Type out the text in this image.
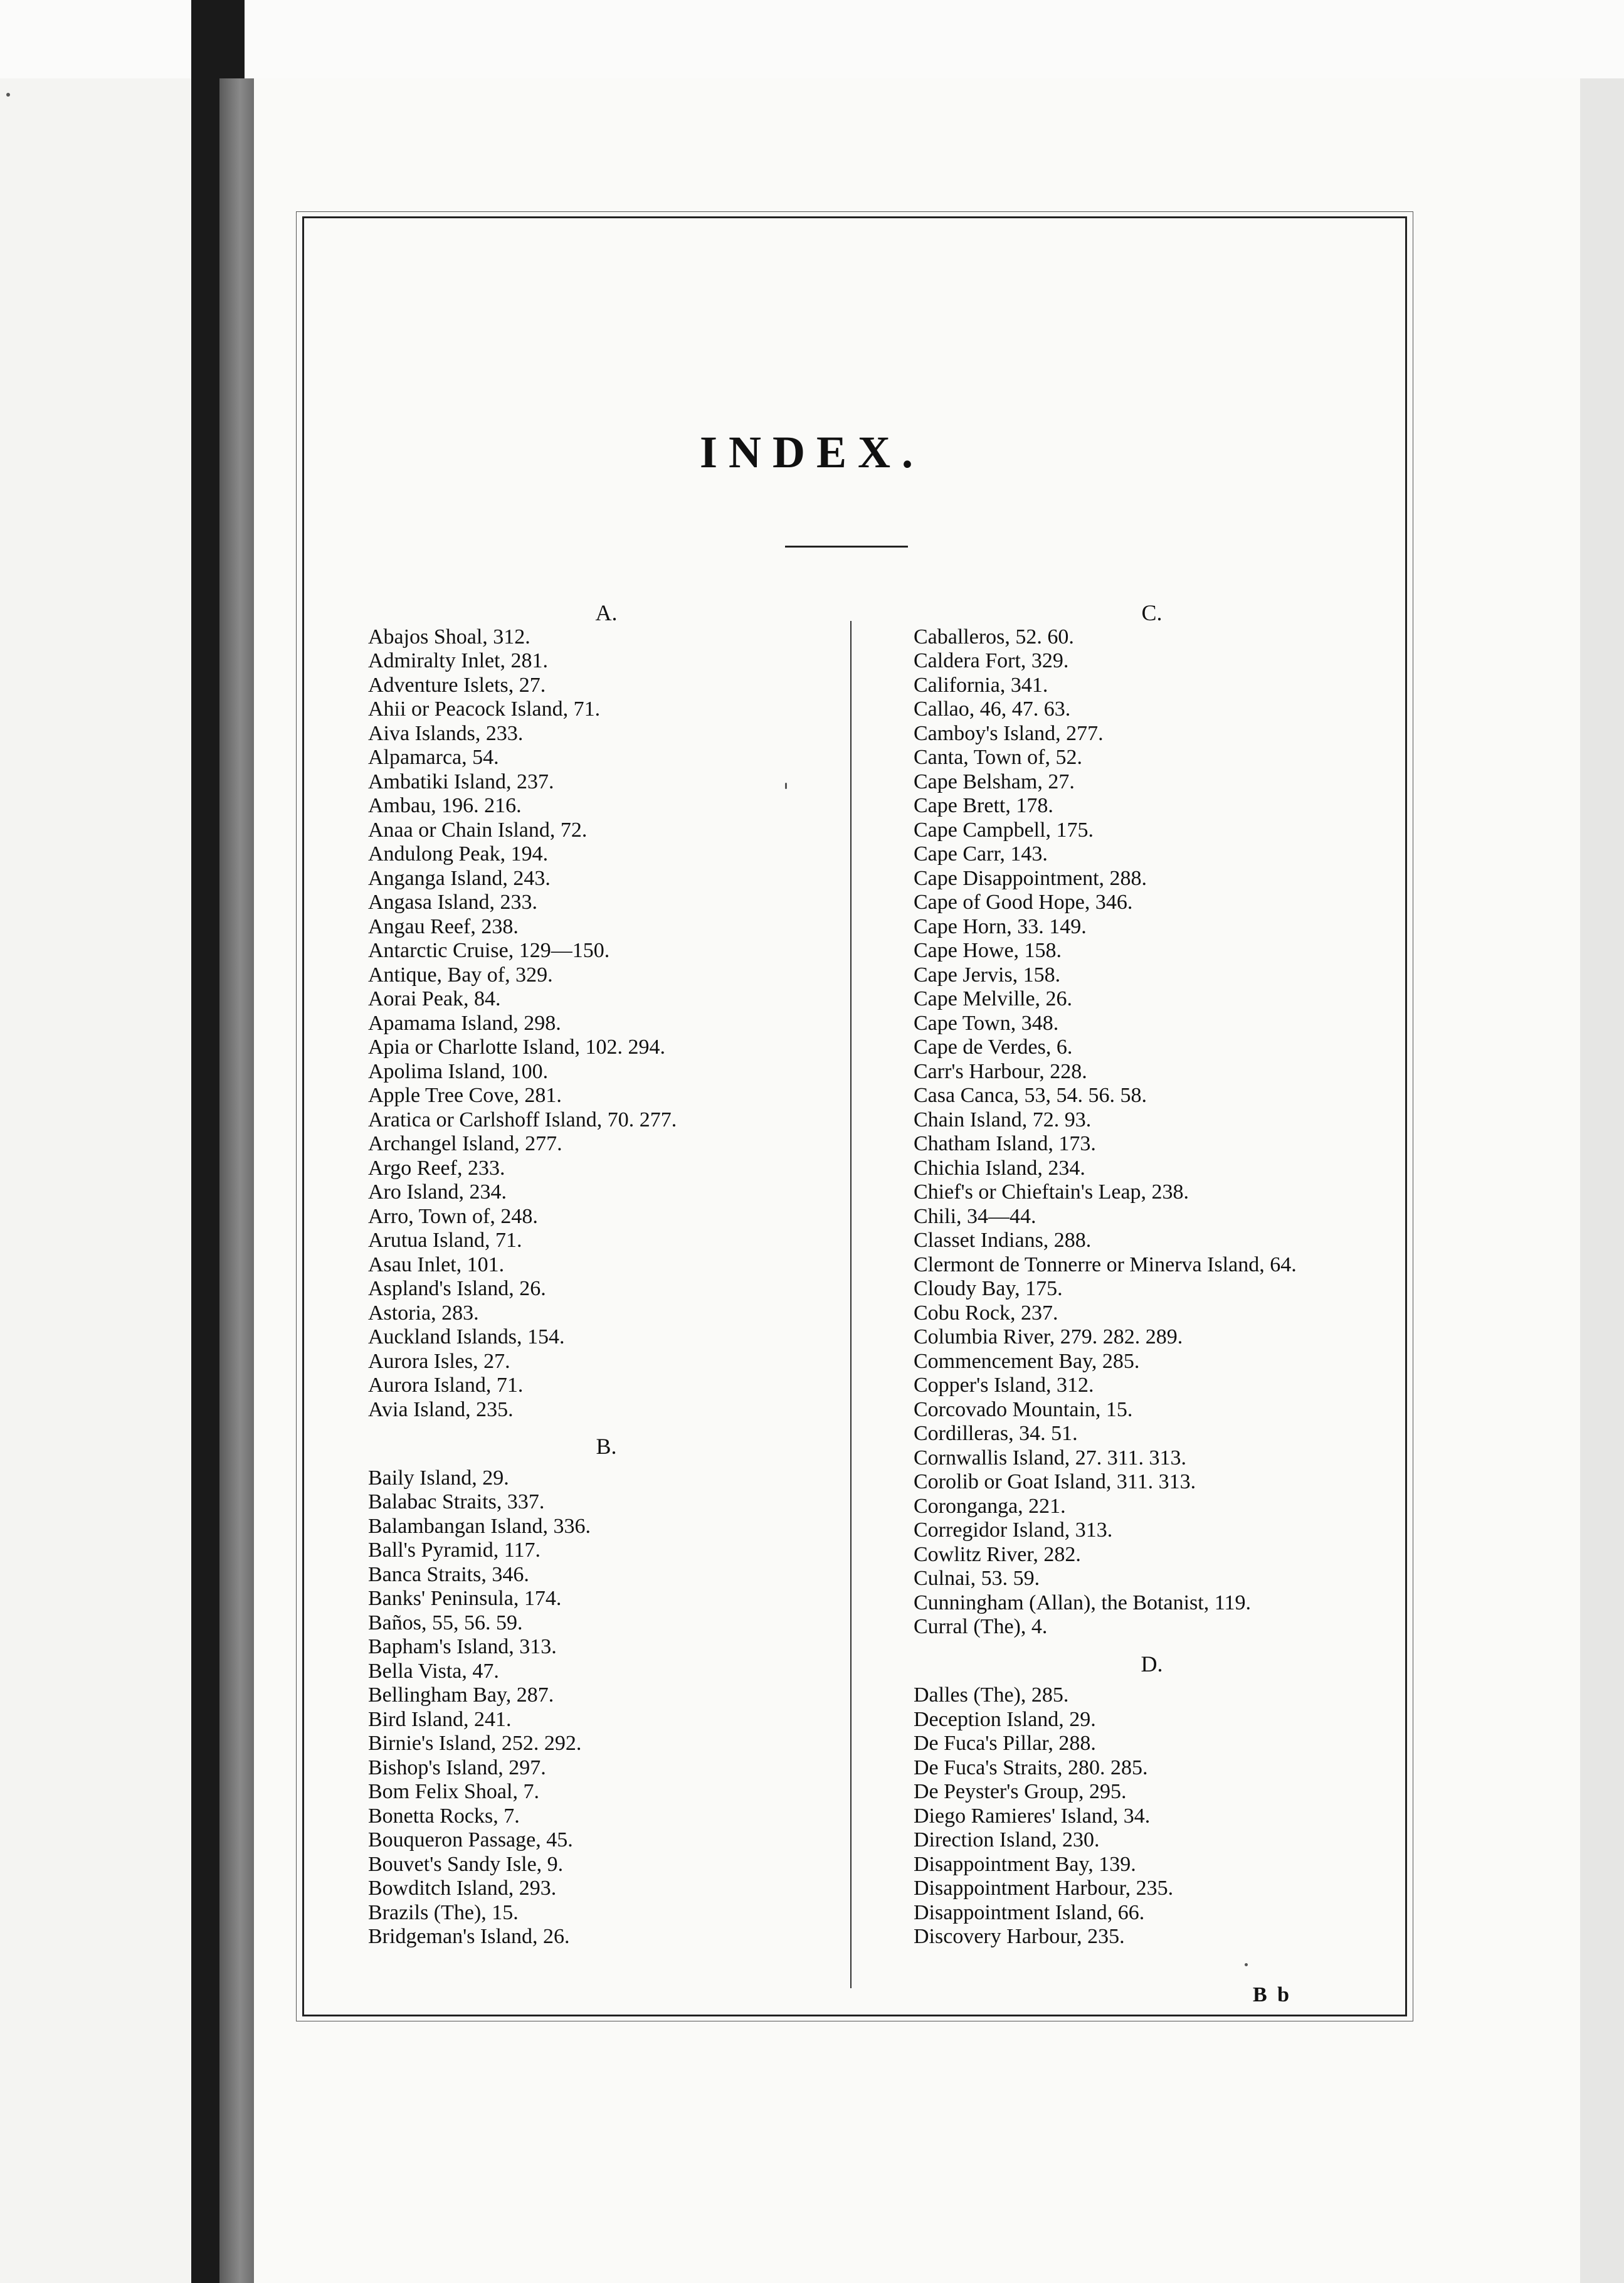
INDEX.
A.
Abajos Shoal, 312.
Admiralty Inlet, 281.
Adventure Islets, 27.
Ahii or Peacock Island, 71.
Aiva Islands, 233.
Alpamarca, 54.
Ambatiki Island, 237.
Ambau, 196. 216.
Anaa or Chain Island, 72.
Andulong Peak, 194.
Anganga Island, 243.
Angasa Island, 233.
Angau Reef, 238.
Antarctic Cruise, 129—150.
Antique, Bay of, 329.
Aorai Peak, 84.
Apamama Island, 298.
Apia or Charlotte Island, 102. 294.
Apolima Island, 100.
Apple Tree Cove, 281.
Aratica or Carlshoff Island, 70. 277.
Archangel Island, 277.
Argo Reef, 233.
Aro Island, 234.
Arro, Town of, 248.
Arutua Island, 71.
Asau Inlet, 101.
Aspland's Island, 26.
Astoria, 283.
Auckland Islands, 154.
Aurora Isles, 27.
Aurora Island, 71.
Avia Island, 235.
B.
Baily Island, 29.
Balabac Straits, 337.
Balambangan Island, 336.
Ball's Pyramid, 117.
Banca Straits, 346.
Banks' Peninsula, 174.
Baños, 55, 56. 59.
Bapham's Island, 313.
Bella Vista, 47.
Bellingham Bay, 287.
Bird Island, 241.
Birnie's Island, 252. 292.
Bishop's Island, 297.
Bom Felix Shoal, 7.
Bonetta Rocks, 7.
Bouqueron Passage, 45.
Bouvet's Sandy Isle, 9.
Bowditch Island, 293.
Brazils (The), 15.
Bridgeman's Island, 26.
C.
Caballeros, 52. 60.
Caldera Fort, 329.
California, 341.
Callao, 46, 47. 63.
Camboy's Island, 277.
Canta, Town of, 52.
Cape Belsham, 27.
Cape Brett, 178.
Cape Campbell, 175.
Cape Carr, 143.
Cape Disappointment, 288.
Cape of Good Hope, 346.
Cape Horn, 33. 149.
Cape Howe, 158.
Cape Jervis, 158.
Cape Melville, 26.
Cape Town, 348.
Cape de Verdes, 6.
Carr's Harbour, 228.
Casa Canca, 53, 54. 56. 58.
Chain Island, 72. 93.
Chatham Island, 173.
Chichia Island, 234.
Chief's or Chieftain's Leap, 238.
Chili, 34—44.
Classet Indians, 288.
Clermont de Tonnerre or Minerva Island, 64.
Cloudy Bay, 175.
Cobu Rock, 237.
Columbia River, 279. 282. 289.
Commencement Bay, 285.
Copper's Island, 312.
Corcovado Mountain, 15.
Cordilleras, 34. 51.
Cornwallis Island, 27. 311. 313.
Corolib or Goat Island, 311. 313.
Coronganga, 221.
Corregidor Island, 313.
Cowlitz River, 282.
Culnai, 53. 59.
Cunningham (Allan), the Botanist, 119.
Curral (The), 4.
D.
Dalles (The), 285.
Deception Island, 29.
De Fuca's Pillar, 288.
De Fuca's Straits, 280. 285.
De Peyster's Group, 295.
Diego Ramieres' Island, 34.
Direction Island, 230.
Disappointment Bay, 139.
Disappointment Harbour, 235.
Disappointment Island, 66.
Discovery Harbour, 235.
B b
